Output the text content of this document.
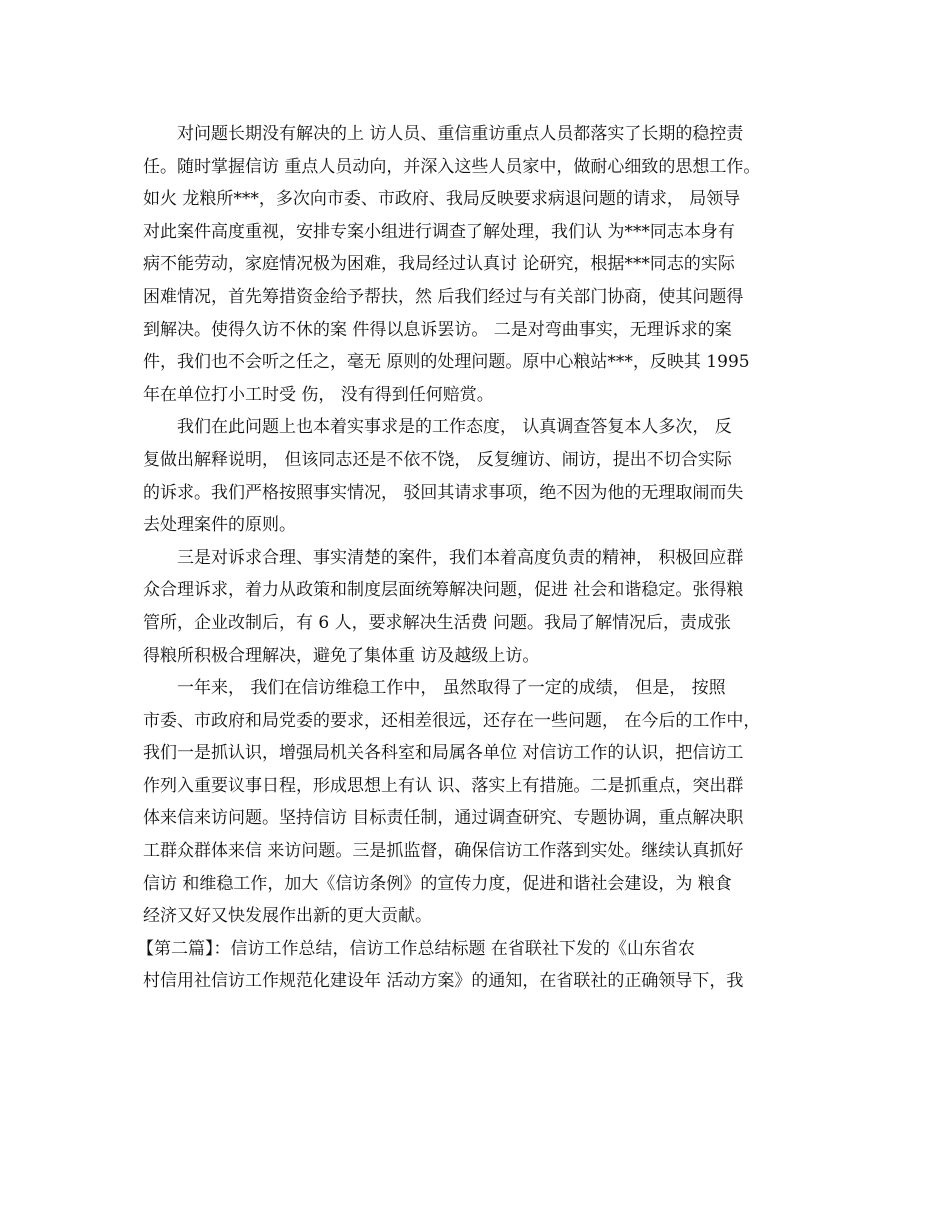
对问题长期没有解决的上 访人员、重信重访重点人员都落实了长期的稳控责
任。随时掌握信访 重点人员动向，并深入这些人员家中，做耐心细致的思想工作。
如火 龙粮所***，多次向市委、市政府、我局反映要求病退问题的请求， 局领导
对此案件高度重视，安排专案小组进行调查了解处理，我们认 为***同志本身有
病不能劳动，家庭情况极为困难，我局经过认真讨 论研究，根据***同志的实际
困难情况，首先筹措资金给予帮扶，然 后我们经过与有关部门协商，使其问题得
到解决。使得久访不休的案 件得以息诉罢访。 二是对弯曲事实，无理诉求的案
件，我们也不会听之任之，毫无 原则的处理问题。原中心粮站***，反映其 1995
年在单位打小工时受 伤， 没有得到任何赔赏。
我们在此问题上也本着实事求是的工作态度， 认真调查答复本人多次， 反
复做出解释说明， 但该同志还是不依不饶， 反复缠访、闹访，提出不切合实际
的诉求。我们严格按照事实情况， 驳回其请求事项，绝不因为他的无理取闹而失
去处理案件的原则。
三是对诉求合理、事实清楚的案件，我们本着高度负责的精神， 积极回应群
众合理诉求，着力从政策和制度层面统筹解决问题，促进 社会和谐稳定。张得粮
管所，企业改制后，有 6 人，要求解决生活费 问题。我局了解情况后，责成张
得粮所积极合理解决，避免了集体重 访及越级上访。
一年来， 我们在信访维稳工作中， 虽然取得了一定的成绩， 但是， 按照
市委、市政府和局党委的要求，还相差很远，还存在一些问题， 在今后的工作中，
我们一是抓认识，增强局机关各科室和局属各单位 对信访工作的认识，把信访工
作列入重要议事日程，形成思想上有认 识、落实上有措施。二是抓重点，突出群
体来信来访问题。坚持信访 目标责任制，通过调查研究、专题协调，重点解决职
工群众群体来信 来访问题。三是抓监督，确保信访工作落到实处。继续认真抓好
信访 和维稳工作，加大《信访条例》的宣传力度，促进和谐社会建设，为 粮食
经济又好又快发展作出新的更大贡献。
【第二篇】：信访工作总结，信访工作总结标题 在省联社下发的《山东省农
村信用社信访工作规范化建设年 活动方案》的通知，在省联社的正确领导下，我
